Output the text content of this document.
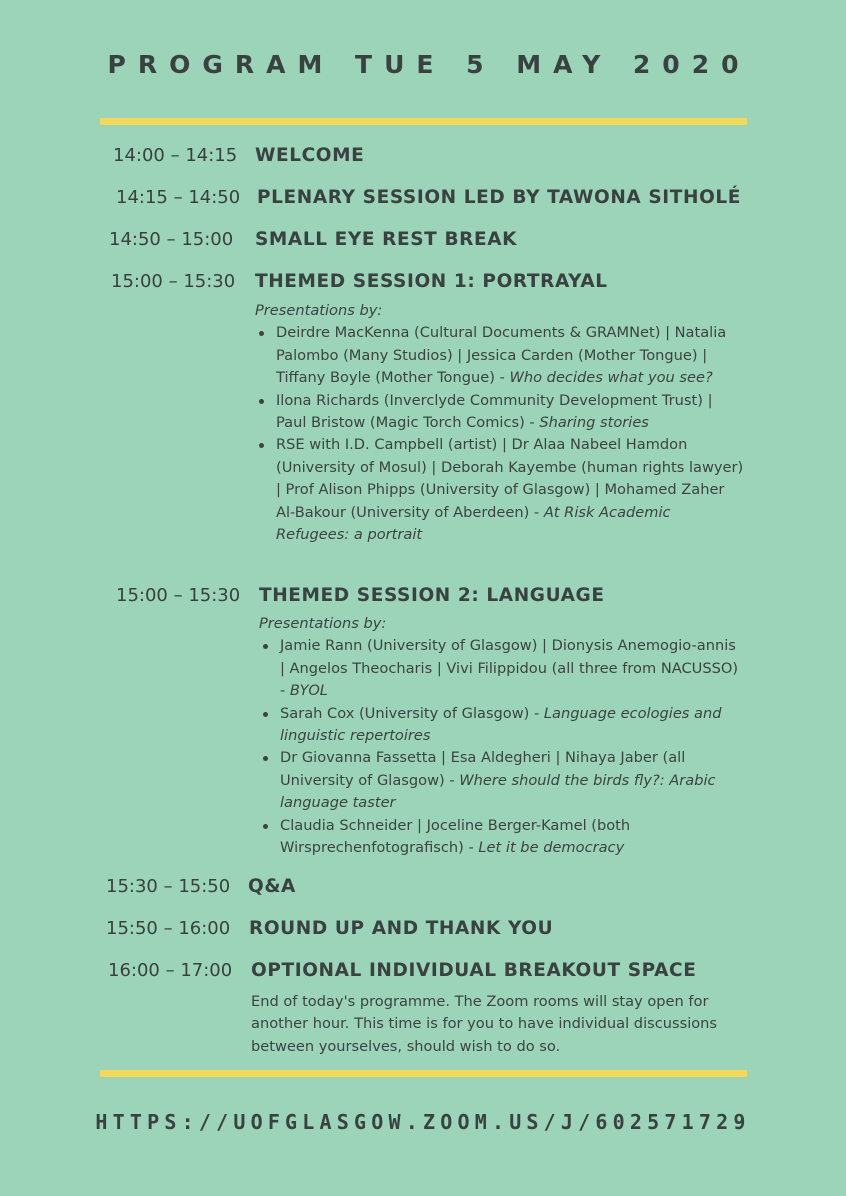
PROGRAM TUE 5 MAY 2020
14:00 – 14:15 WELCOME
14:15 – 14:50 PLENARY SESSION LED BY TAWONA SITHOLÉ
14:50 – 15:00 SMALL EYE REST BREAK
15:00 – 15:30 THEMED SESSION 1: PORTRAYAL

Presentations by:

Deirdre MacKenna (Cultural Documents & GRAMNet) | Natalia Palombo (Many Studios) | Jessica Carden (Mother Tongue) | Tiffany Boyle (Mother Tongue) - Who decides what you see?
Ilona Richards (Inverclyde Community Development Trust) | Paul Bristow (Magic Torch Comics) - Sharing stories
RSE with I.D. Campbell (artist) | Dr Alaa Nabeel Hamdon (University of Mosul) | Deborah Kayembe (human rights lawyer) | Prof Alison Phipps (University of Glasgow) | Mohamed Zaher Al-Bakour (University of Aberdeen) - At Risk Academic Refugees: a portrait
15:00 – 15:30 THEMED SESSION 2: LANGUAGE

Presentations by:

Jamie Rann (University of Glasgow) | Dionysis Anemogio-annis | Angelos Theocharis | Vivi Filippidou (all three from NACUSSO) - BYOL
Sarah Cox (University of Glasgow) - Language ecologies and linguistic repertoires
Dr Giovanna Fassetta | Esa Aldegheri | Nihaya Jaber (all University of Glasgow) - Where should the birds fly?: Arabic language taster
Claudia Schneider | Joceline Berger-Kamel (both Wirsprechenfotografisch) - Let it be democracy
15:30 – 15:50 Q&A
15:50 – 16:00 ROUND UP AND THANK YOU
16:00 – 17:00 OPTIONAL INDIVIDUAL BREAKOUT SPACE
End of today's programme. The Zoom rooms will stay open for another hour. This time is for you to have individual discussions between yourselves, should wish to do so.
HTTPS://UOFGLASGOW.ZOOM.US/J/602571729
